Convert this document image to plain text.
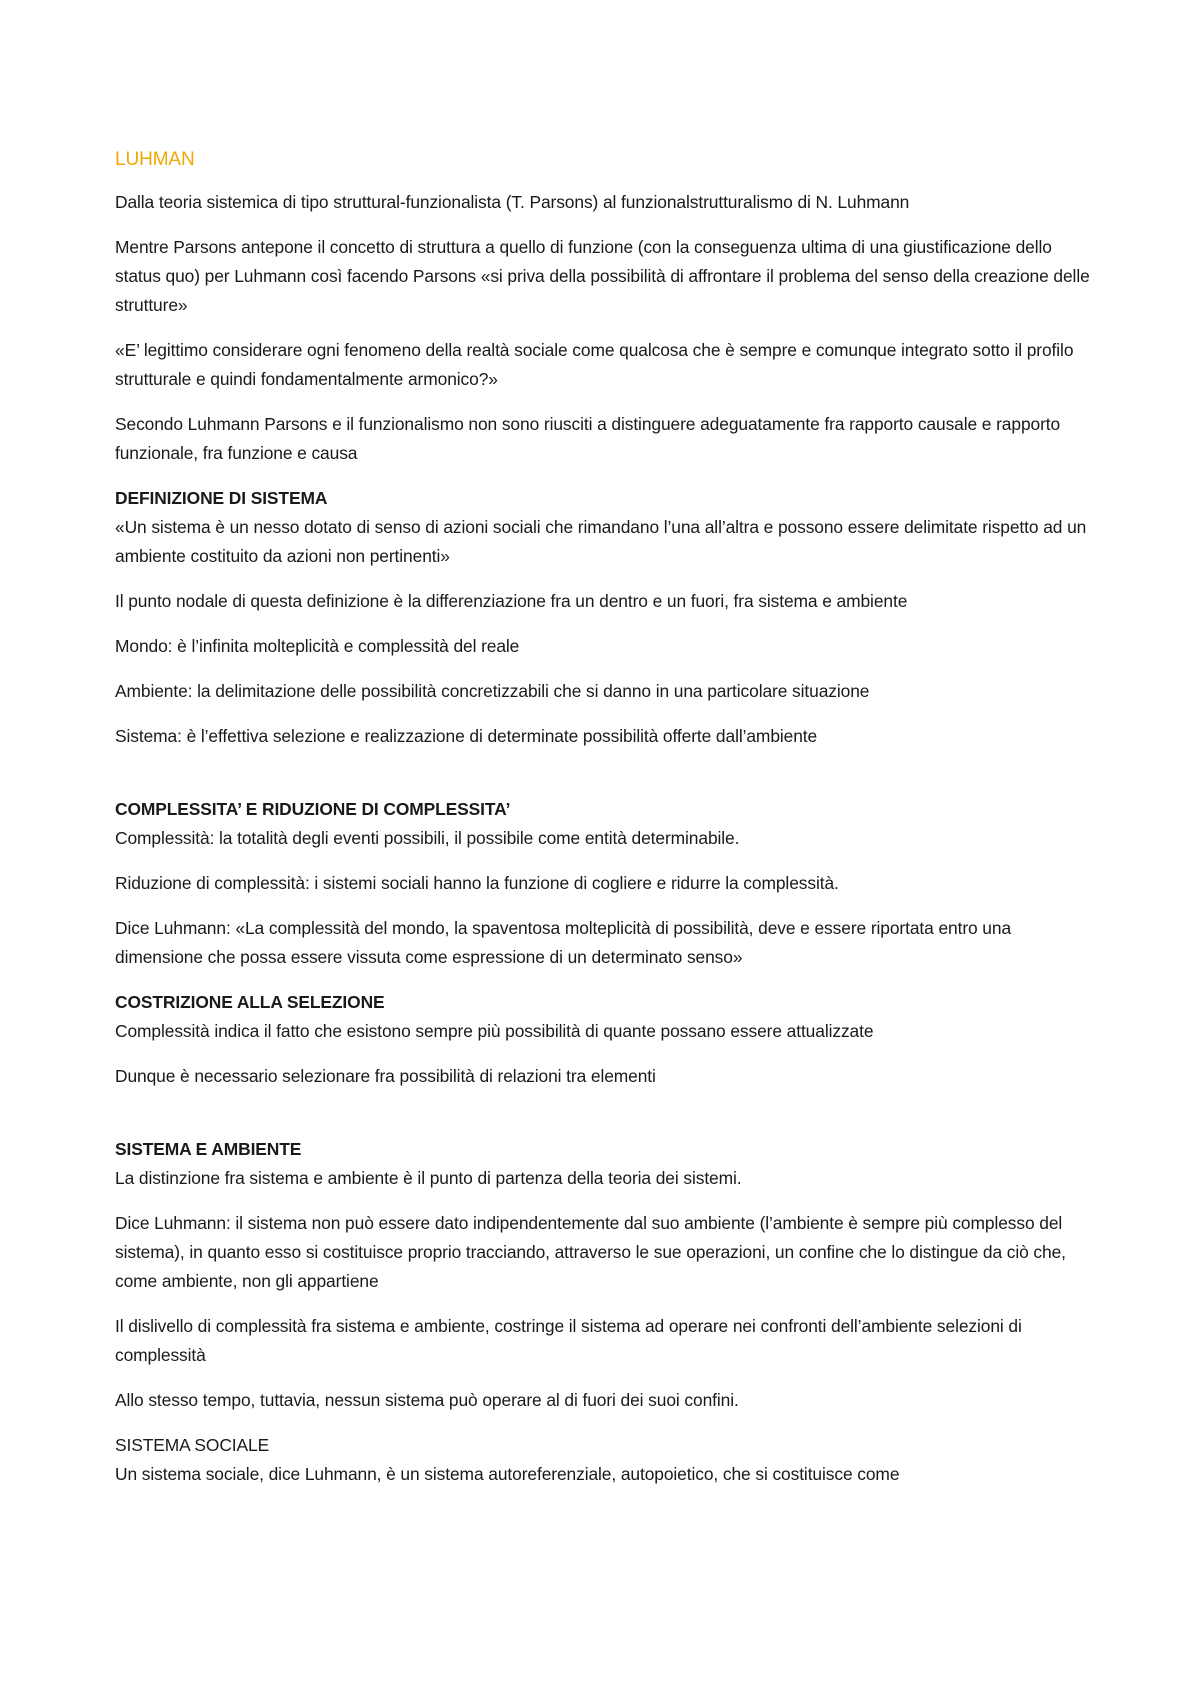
LUHMAN

Dalla teoria sistemica di tipo struttural-funzionalista (T. Parsons) al funzionalstrutturalismo di N. Luhmann

Mentre Parsons antepone il concetto di struttura a quello di funzione (con la conseguenza ultima di una giustificazione dello status quo) per Luhmann così facendo Parsons «si priva della possibilità di affrontare il problema del senso della creazione delle strutture»

«E’ legittimo considerare ogni fenomeno della realtà sociale come qualcosa che è sempre e comunque integrato sotto il profilo strutturale e quindi fondamentalmente armonico?»

Secondo Luhmann Parsons e il funzionalismo non sono riusciti a distinguere adeguatamente fra rapporto causale e rapporto funzionale, fra funzione e causa

DEFINIZIONE DI SISTEMA

«Un sistema è un nesso dotato di senso di azioni sociali che rimandano l’una all’altra e possono essere delimitate rispetto ad un ambiente costituito da azioni non pertinenti»

Il punto nodale di questa definizione è la differenziazione fra un dentro e un fuori, fra sistema e ambiente

Mondo: è l’infinita molteplicità e complessità del reale

Ambiente: la delimitazione delle possibilità concretizzabili che si danno in una particolare situazione

Sistema: è l’effettiva selezione e realizzazione di determinate possibilità offerte dall’ambiente

COMPLESSITA’ E RIDUZIONE DI COMPLESSITA’

Complessità: la totalità degli eventi possibili, il possibile come entità determinabile.

Riduzione di complessità: i sistemi sociali hanno la funzione di cogliere e ridurre la complessità.

Dice Luhmann: «La complessità del mondo, la spaventosa molteplicità di possibilità, deve e essere riportata entro una dimensione che possa essere vissuta come espressione di un determinato senso»

COSTRIZIONE ALLA SELEZIONE

Complessità indica il fatto che esistono sempre più possibilità di quante possano essere attualizzate

Dunque è necessario selezionare fra possibilità di relazioni tra elementi

SISTEMA E AMBIENTE

La distinzione fra sistema e ambiente è il punto di partenza della teoria dei sistemi.

Dice Luhmann: il sistema non può essere dato indipendentemente dal suo ambiente (l’ambiente è sempre più complesso del sistema), in quanto esso si costituisce proprio tracciando, attraverso le sue operazioni, un confine che lo distingue da ciò che, come ambiente, non gli appartiene

Il dislivello di complessità fra sistema e ambiente, costringe il sistema ad operare nei confronti dell’ambiente selezioni di complessità

Allo stesso tempo, tuttavia, nessun sistema può operare al di fuori dei suoi confini.

SISTEMA SOCIALE

Un sistema sociale, dice Luhmann, è un sistema autoreferenziale, autopoietico, che si costituisce come
